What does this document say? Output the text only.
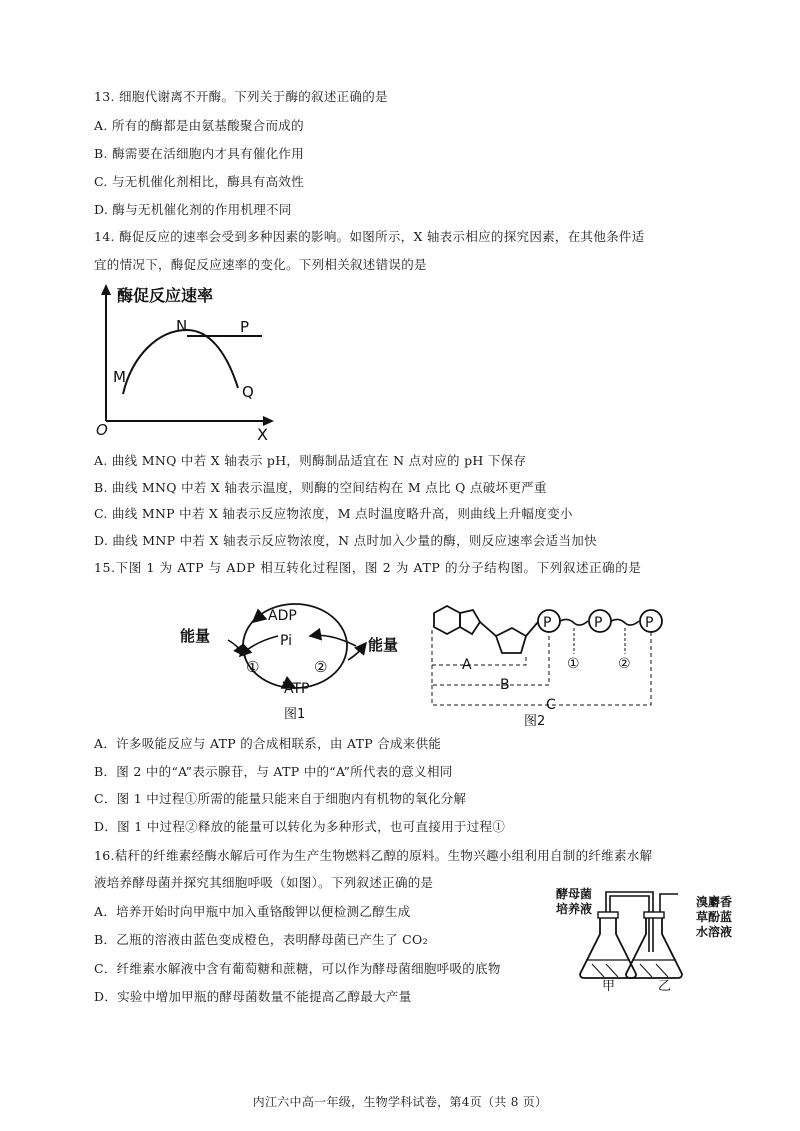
13. 细胞代谢离不开酶。下列关于酶的叙述正确的是
A. 所有的酶都是由氨基酸聚合而成的
B. 酶需要在活细胞内才具有催化作用
C. 与无机催化剂相比，酶具有高效性
D. 酶与无机催化剂的作用机理不同
14. 酶促反应的速率会受到多种因素的影响。如图所示，X 轴表示相应的探究因素，在其他条件适
宜的情况下，酶促反应速率的变化。下列相关叙述错误的是
酶促反应速率
N	P
M
Q
O	X
A. 曲线 MNQ 中若 X 轴表示 pH，则酶制品适宜在 N 点对应的 pH 下保存
B. 曲线 MNQ 中若 X 轴表示温度，则酶的空间结构在 M 点比 Q 点破坏更严重
C. 曲线 MNP 中若 X 轴表示反应物浓度，M 点时温度略升高，则曲线上升幅度变小
D. 曲线 MNP 中若 X 轴表示反应物浓度，N 点时加入少量的酶，则反应速率会适当加快
15.下图 1 为 ATP 与 ADP 相互转化过程图，图 2 为 ATP 的分子结构图。下列叙述正确的是
ADP
Pi
ATP
能量	能量
①	②
图1
P	P	P
①	②
A
B
C
图2
A．许多吸能反应与 ATP 的合成相联系，由 ATP 合成来供能
B．图 2 中的“A”表示腺苷，与 ATP 中的“A”所代表的意义相同
C．图 1 中过程①所需的能量只能来自于细胞内有机物的氧化分解
D．图 1 中过程②释放的能量可以转化为多种形式，也可直接用于过程①
16.秸秆的纤维素经酶水解后可作为生产生物燃料乙醇的原料。生物兴趣小组利用自制的纤维素水解
液培养酵母菌并探究其细胞呼吸（如图）。下列叙述正确的是
A．培养开始时向甲瓶中加入重铬酸钾以便检测乙醇生成
B．乙瓶的溶液由蓝色变成橙色，表明酵母菌已产生了 CO₂
C．纤维素水解液中含有葡萄糖和蔗糖，可以作为酵母菌细胞呼吸的底物
D．实验中增加甲瓶的酵母菌数量不能提高乙醇最大产量
酵母菌
培养液	溴麝香
草酚蓝
水溶液
甲	乙
内江六中高一年级，生物学科试卷，第4页（共 8 页）
